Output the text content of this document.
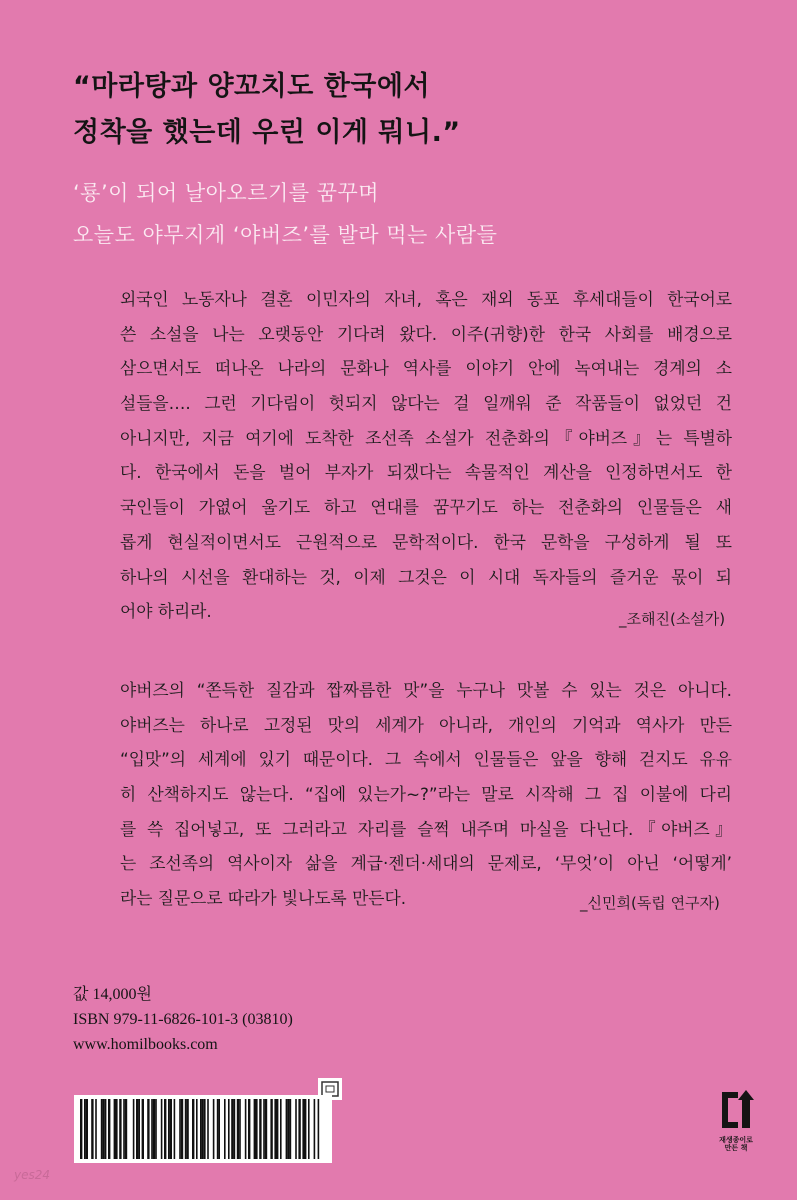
“마라탕과 양꼬치도 한국에서
정착을 했는데 우린 이게 뭐니.”
‘룡’이 되어 날아오르기를 꿈꾸며
오늘도 야무지게 ‘야버즈’를 발라 먹는 사람들
외국인 노동자나 결혼 이민자의 자녀, 혹은 재외 동포 후세대들이 한국어로
쓴 소설을 나는 오랫동안 기다려 왔다. 이주(귀향)한 한국 사회를 배경으로
삼으면서도 떠나온 나라의 문화나 역사를 이야기 안에 녹여내는 경계의 소
설들을…. 그런 기다림이 헛되지 않다는 걸 일깨워 준 작품들이 없었던 건
아니지만, 지금 여기에 도착한 조선족 소설가 전춘화의『야버즈』는 특별하
다. 한국에서 돈을 벌어 부자가 되겠다는 속물적인 계산을 인정하면서도 한
국인들이 가엾어 울기도 하고 연대를 꿈꾸기도 하는 전춘화의 인물들은 새
롭게 현실적이면서도 근원적으로 문학적이다. 한국 문학을 구성하게 될 또
하나의 시선을 환대하는 것, 이제 그것은 이 시대 독자들의 즐거운 몫이 되
어야 하리라.	_조해진(소설가)
야버즈의 “쫀득한 질감과 짭짜름한 맛”을 누구나 맛볼 수 있는 것은 아니다.
야버즈는 하나로 고정된 맛의 세계가 아니라, 개인의 기억과 역사가 만든
“입맛”의 세계에 있기 때문이다. 그 속에서 인물들은 앞을 향해 걷지도 유유
히 산책하지도 않는다. “집에 있는가~?”라는 말로 시작해 그 집 이불에 다리
를 쓱 집어넣고, 또 그러라고 자리를 슬쩍 내주며 마실을 다닌다.『야버즈』
는 조선족의 역사이자 삶을 계급·젠더·세대의 문제로, ‘무엇’이 아닌 ‘어떻게’
라는 질문으로 따라가 빛나도록 만든다.	_신민희(독립 연구자)
값 14,000원
ISBN 979-11-6826-101-3 (03810)
www.homilbooks.com
재생종이로
만든 책
yes24
